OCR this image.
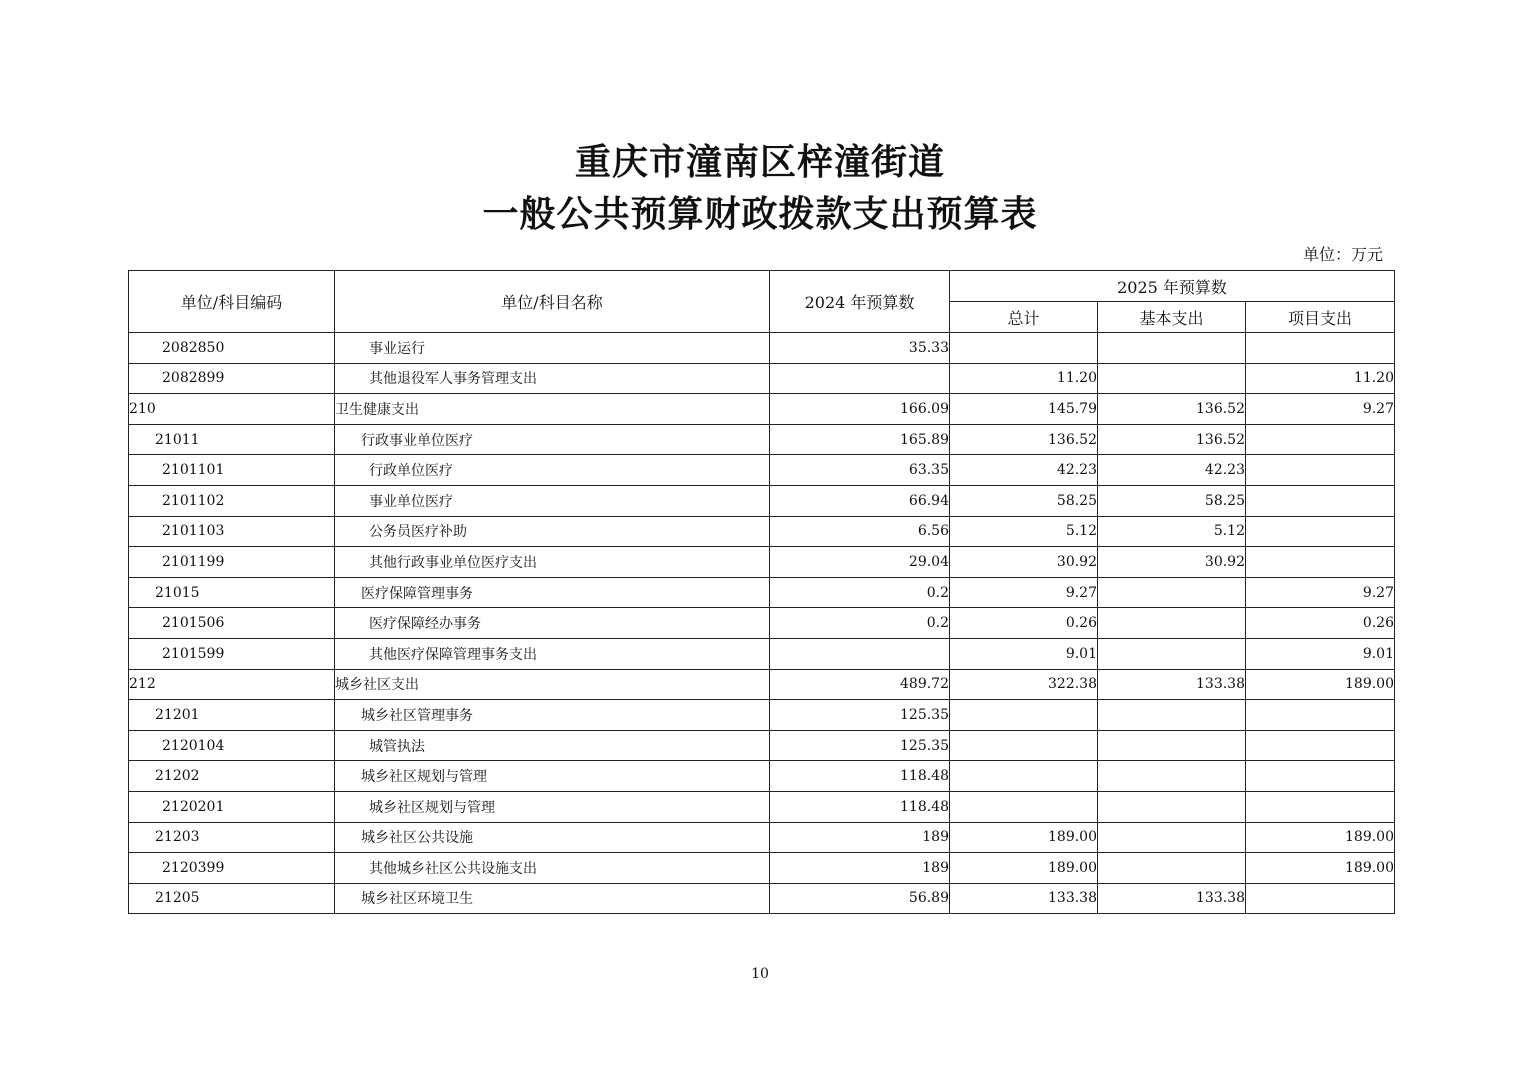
重庆市潼南区梓潼街道
一般公共预算财政拨款支出预算表
单位：万元
单位/科目编码	单位/科目名称	2024 年预算数	2025 年预算数		
			总计	基本支出	项目支出
2082850	事业运行	35.33			
2082899	其他退役军人事务管理支出		11.20		11.20
210	卫生健康支出	166.09	145.79	136.52	9.27
21011	行政事业单位医疗	165.89	136.52	136.52	
2101101	行政单位医疗	63.35	42.23	42.23	
2101102	事业单位医疗	66.94	58.25	58.25	
2101103	公务员医疗补助	6.56	5.12	5.12	
2101199	其他行政事业单位医疗支出	29.04	30.92	30.92	
21015	医疗保障管理事务	0.2	9.27		9.27
2101506	医疗保障经办事务	0.2	0.26		0.26
2101599	其他医疗保障管理事务支出		9.01		9.01
212	城乡社区支出	489.72	322.38	133.38	189.00
21201	城乡社区管理事务	125.35			
2120104	城管执法	125.35			
21202	城乡社区规划与管理	118.48			
2120201	城乡社区规划与管理	118.48			
21203	城乡社区公共设施	189	189.00		189.00
2120399	其他城乡社区公共设施支出	189	189.00		189.00
21205	城乡社区环境卫生	56.89	133.38	133.38	
10
